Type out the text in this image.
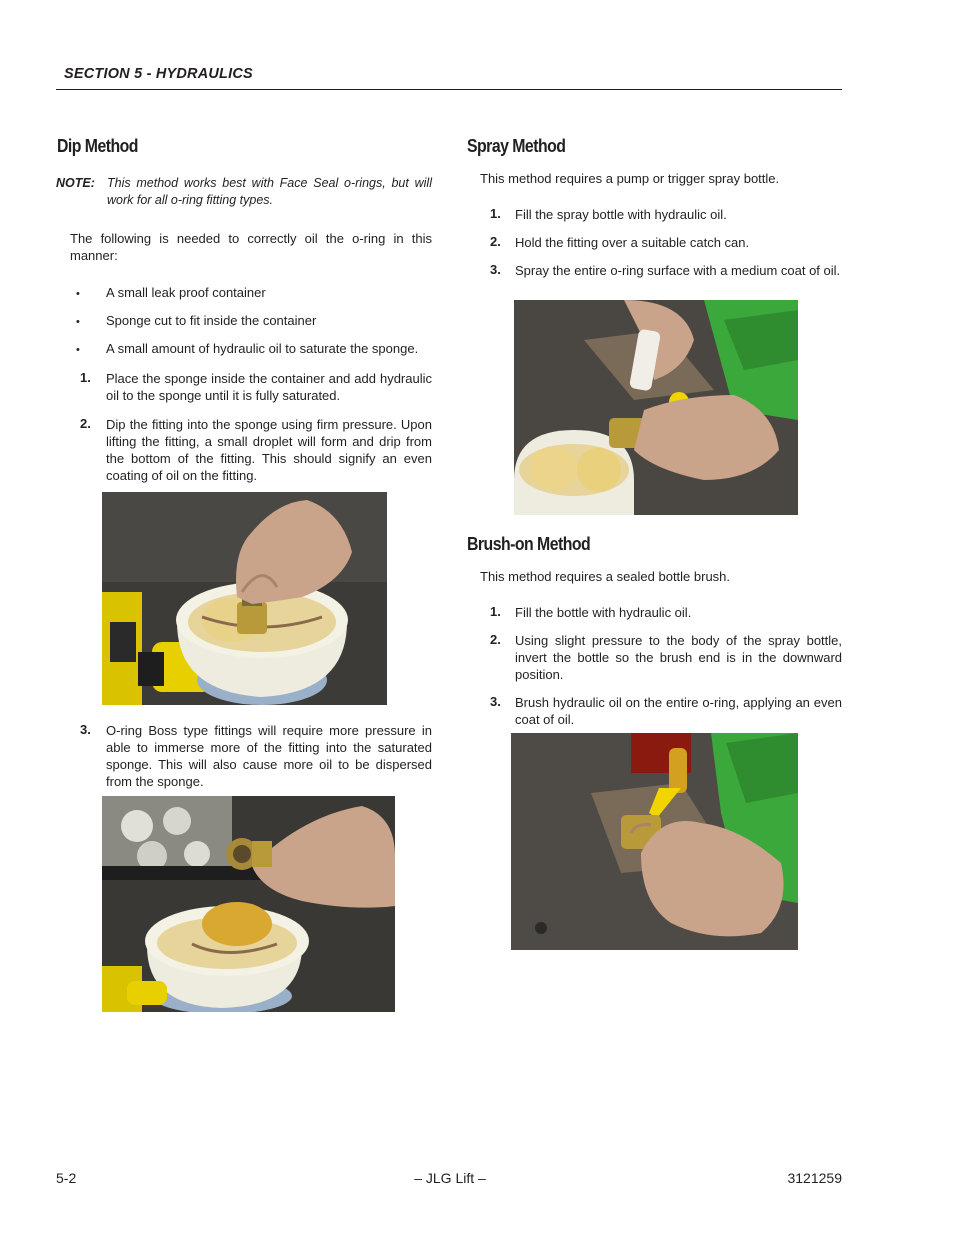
SECTION 5 - HYDRAULICS
Dip Method
NOTE: This method works best with Face Seal o-rings, but will work for all o-ring fitting types.
The following is needed to correctly oil the o-ring in this manner:
• A small leak proof container
• Sponge cut to fit inside the container
• A small amount of hydraulic oil to saturate the sponge.
1. Place the sponge inside the container and add hydraulic oil to the sponge until it is fully saturated.
2. Dip the fitting into the sponge using firm pressure. Upon lifting the fitting, a small droplet will form and drip from the bottom of the fitting. This should signify an even coating of oil on the fitting.
3. O-ring Boss type fittings will require more pressure in able to immerse more of the fitting into the saturated sponge. This will also cause more oil to be dispersed from the sponge.
Spray Method
This method requires a pump or trigger spray bottle.
1. Fill the spray bottle with hydraulic oil.
2. Hold the fitting over a suitable catch can.
3. Spray the entire o-ring surface with a medium coat of oil.
Brush-on Method
This method requires a sealed bottle brush.
1. Fill the bottle with hydraulic oil.
2. Using slight pressure to the body of the spray bottle, invert the bottle so the brush end is in the downward position.
3. Brush hydraulic oil on the entire o-ring, applying an even coat of oil.
5-2	– JLG Lift –	3121259
